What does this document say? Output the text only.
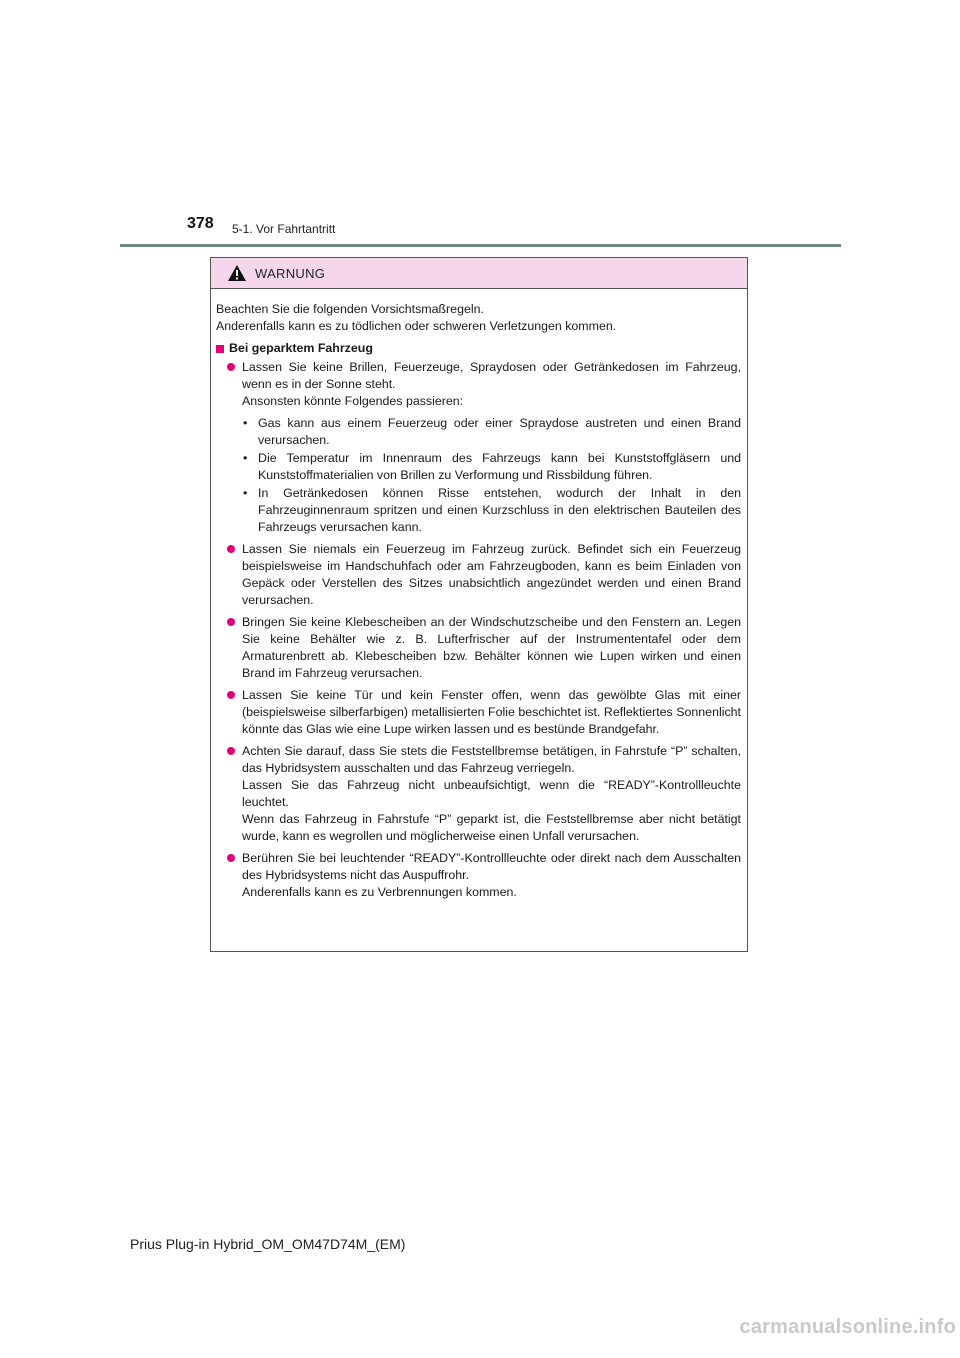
378 5-1. Vor Fahrtantritt
WARNUNG

Beachten Sie die folgenden Vorsichtsmaßregeln.
Anderenfalls kann es zu tödlichen oder schweren Verletzungen kommen.

Bei geparktem Fahrzeug

Lassen Sie keine Brillen, Feuerzeuge, Spraydosen oder Getränkedosen im Fahrzeug, wenn es in der Sonne steht.

Ansonsten könnte Folgendes passieren:

• Gas kann aus einem Feuerzeug oder einer Spraydose austreten und einen Brand verursachen.
• Die Temperatur im Innenraum des Fahrzeugs kann bei Kunststoffgläsern und Kunststoffmaterialien von Brillen zu Verformung und Rissbildung führen.
• In Getränkedosen können Risse entstehen, wodurch der Inhalt in den Fahrzeuginnenraum spritzen und einen Kurzschluss in den elektrischen Bauteilen des Fahrzeugs verursachen kann.

Lassen Sie niemals ein Feuerzeug im Fahrzeug zurück. Befindet sich ein Feuerzeug beispielsweise im Handschuhfach oder am Fahrzeugboden, kann es beim Einladen von Gepäck oder Verstellen des Sitzes unabsichtlich angezündet werden und einen Brand verursachen.

Bringen Sie keine Klebescheiben an der Windschutzscheibe und den Fenstern an. Legen Sie keine Behälter wie z. B. Lufterfrischer auf der Instrumententafel oder dem Armaturenbrett ab. Klebescheiben bzw. Behälter können wie Lupen wirken und einen Brand im Fahrzeug verursachen.

Lassen Sie keine Tür und kein Fenster offen, wenn das gewölbte Glas mit einer (beispielsweise silberfarbigen) metallisierten Folie beschichtet ist. Reflektiertes Sonnenlicht könnte das Glas wie eine Lupe wirken lassen und es bestünde Brandgefahr.

Achten Sie darauf, dass Sie stets die Feststellbremse betätigen, in Fahrstufe “P” schalten, das Hybridsystem ausschalten und das Fahrzeug verriegeln.

Lassen Sie das Fahrzeug nicht unbeaufsichtigt, wenn die “READY”-Kontrollleuchte leuchtet.

Wenn das Fahrzeug in Fahrstufe “P” geparkt ist, die Feststellbremse aber nicht betätigt wurde, kann es wegrollen und möglicherweise einen Unfall verursachen.

Berühren Sie bei leuchtender “READY”-Kontrollleuchte oder direkt nach dem Ausschalten des Hybridsystems nicht das Auspuffrohr.

Anderenfalls kann es zu Verbrennungen kommen.

Prius Plug-in Hybrid_OM_OM47D74M_(EM)
carmanualsonline.info
